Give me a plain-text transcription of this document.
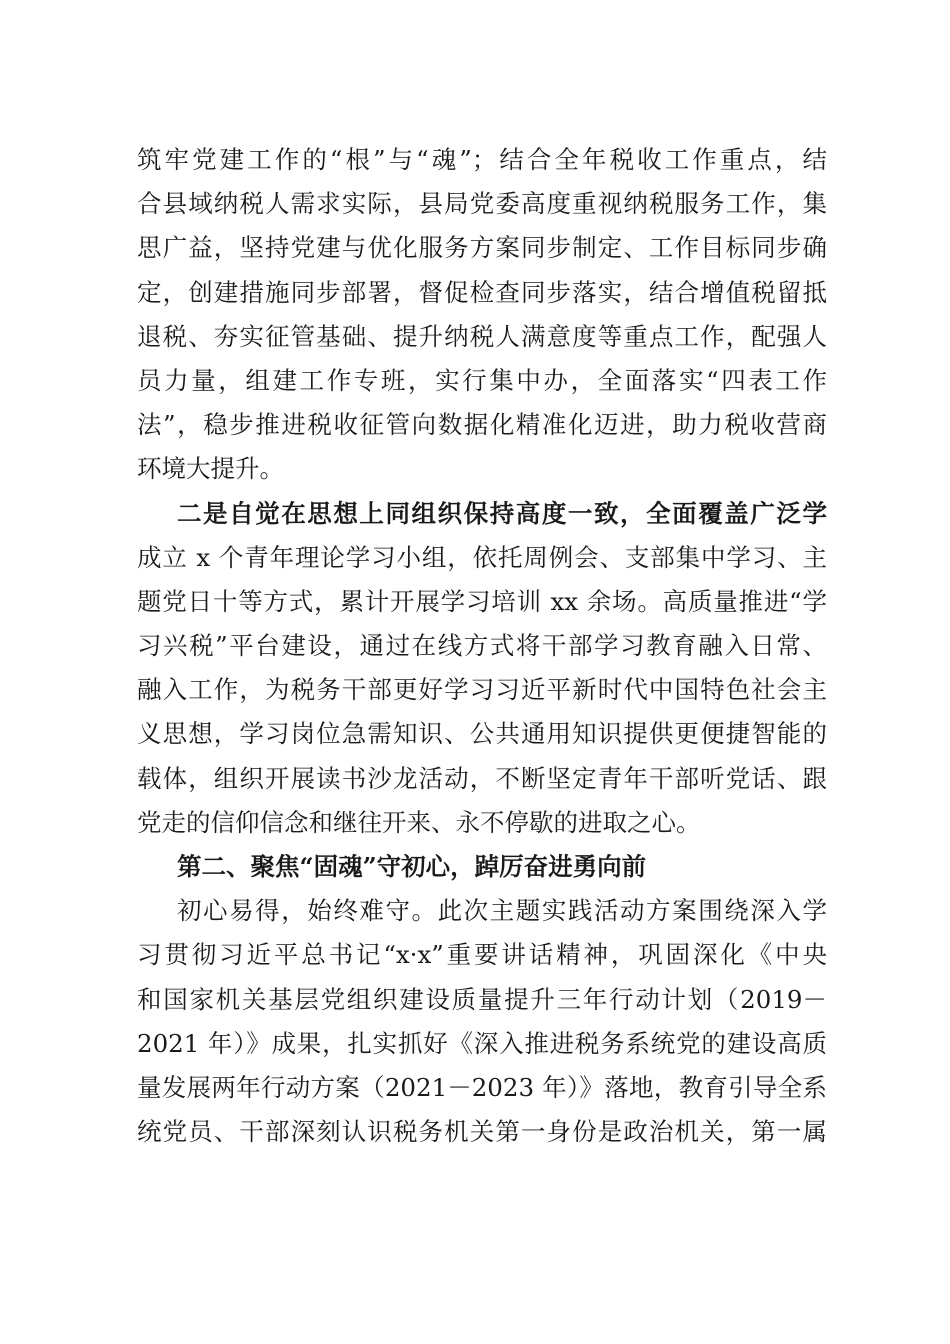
筑牢党建工作的“根”与“魂”；结合全年税收工作重点，结
合县域纳税人需求实际，县局党委高度重视纳税服务工作，集
思广益，坚持党建与优化服务方案同步制定、工作目标同步确
定，创建措施同步部署，督促检查同步落实，结合增值税留抵
退税、夯实征管基础、提升纳税人满意度等重点工作，配强人
员力量，组建工作专班，实行集中办，全面落实“四表工作
法”，稳步推进税收征管向数据化精准化迈进，助力税收营商
环境大提升。
二是自觉在思想上同组织保持高度一致，全面覆盖广泛学
成立 x 个青年理论学习小组，依托周例会、支部集中学习、主
题党日十等方式，累计开展学习培训 xx 余场。高质量推进“学
习兴税”平台建设，通过在线方式将干部学习教育融入日常、
融入工作，为税务干部更好学习习近平新时代中国特色社会主
义思想，学习岗位急需知识、公共通用知识提供更便捷智能的
载体，组织开展读书沙龙活动，不断坚定青年干部听党话、跟
党走的信仰信念和继往开来、永不停歇的进取之心。
第二、聚焦“固魂”守初心，踔厉奋进勇向前
初心易得，始终难守。此次主题实践活动方案围绕深入学
习贯彻习近平总书记“x·x”重要讲话精神，巩固深化《中央
和国家机关基层党组织建设质量提升三年行动计划（2019－
2021 年）》成果，扎实抓好《深入推进税务系统党的建设高质
量发展两年行动方案（2021－2023 年）》落地，教育引导全系
统党员、干部深刻认识税务机关第一身份是政治机关，第一属
